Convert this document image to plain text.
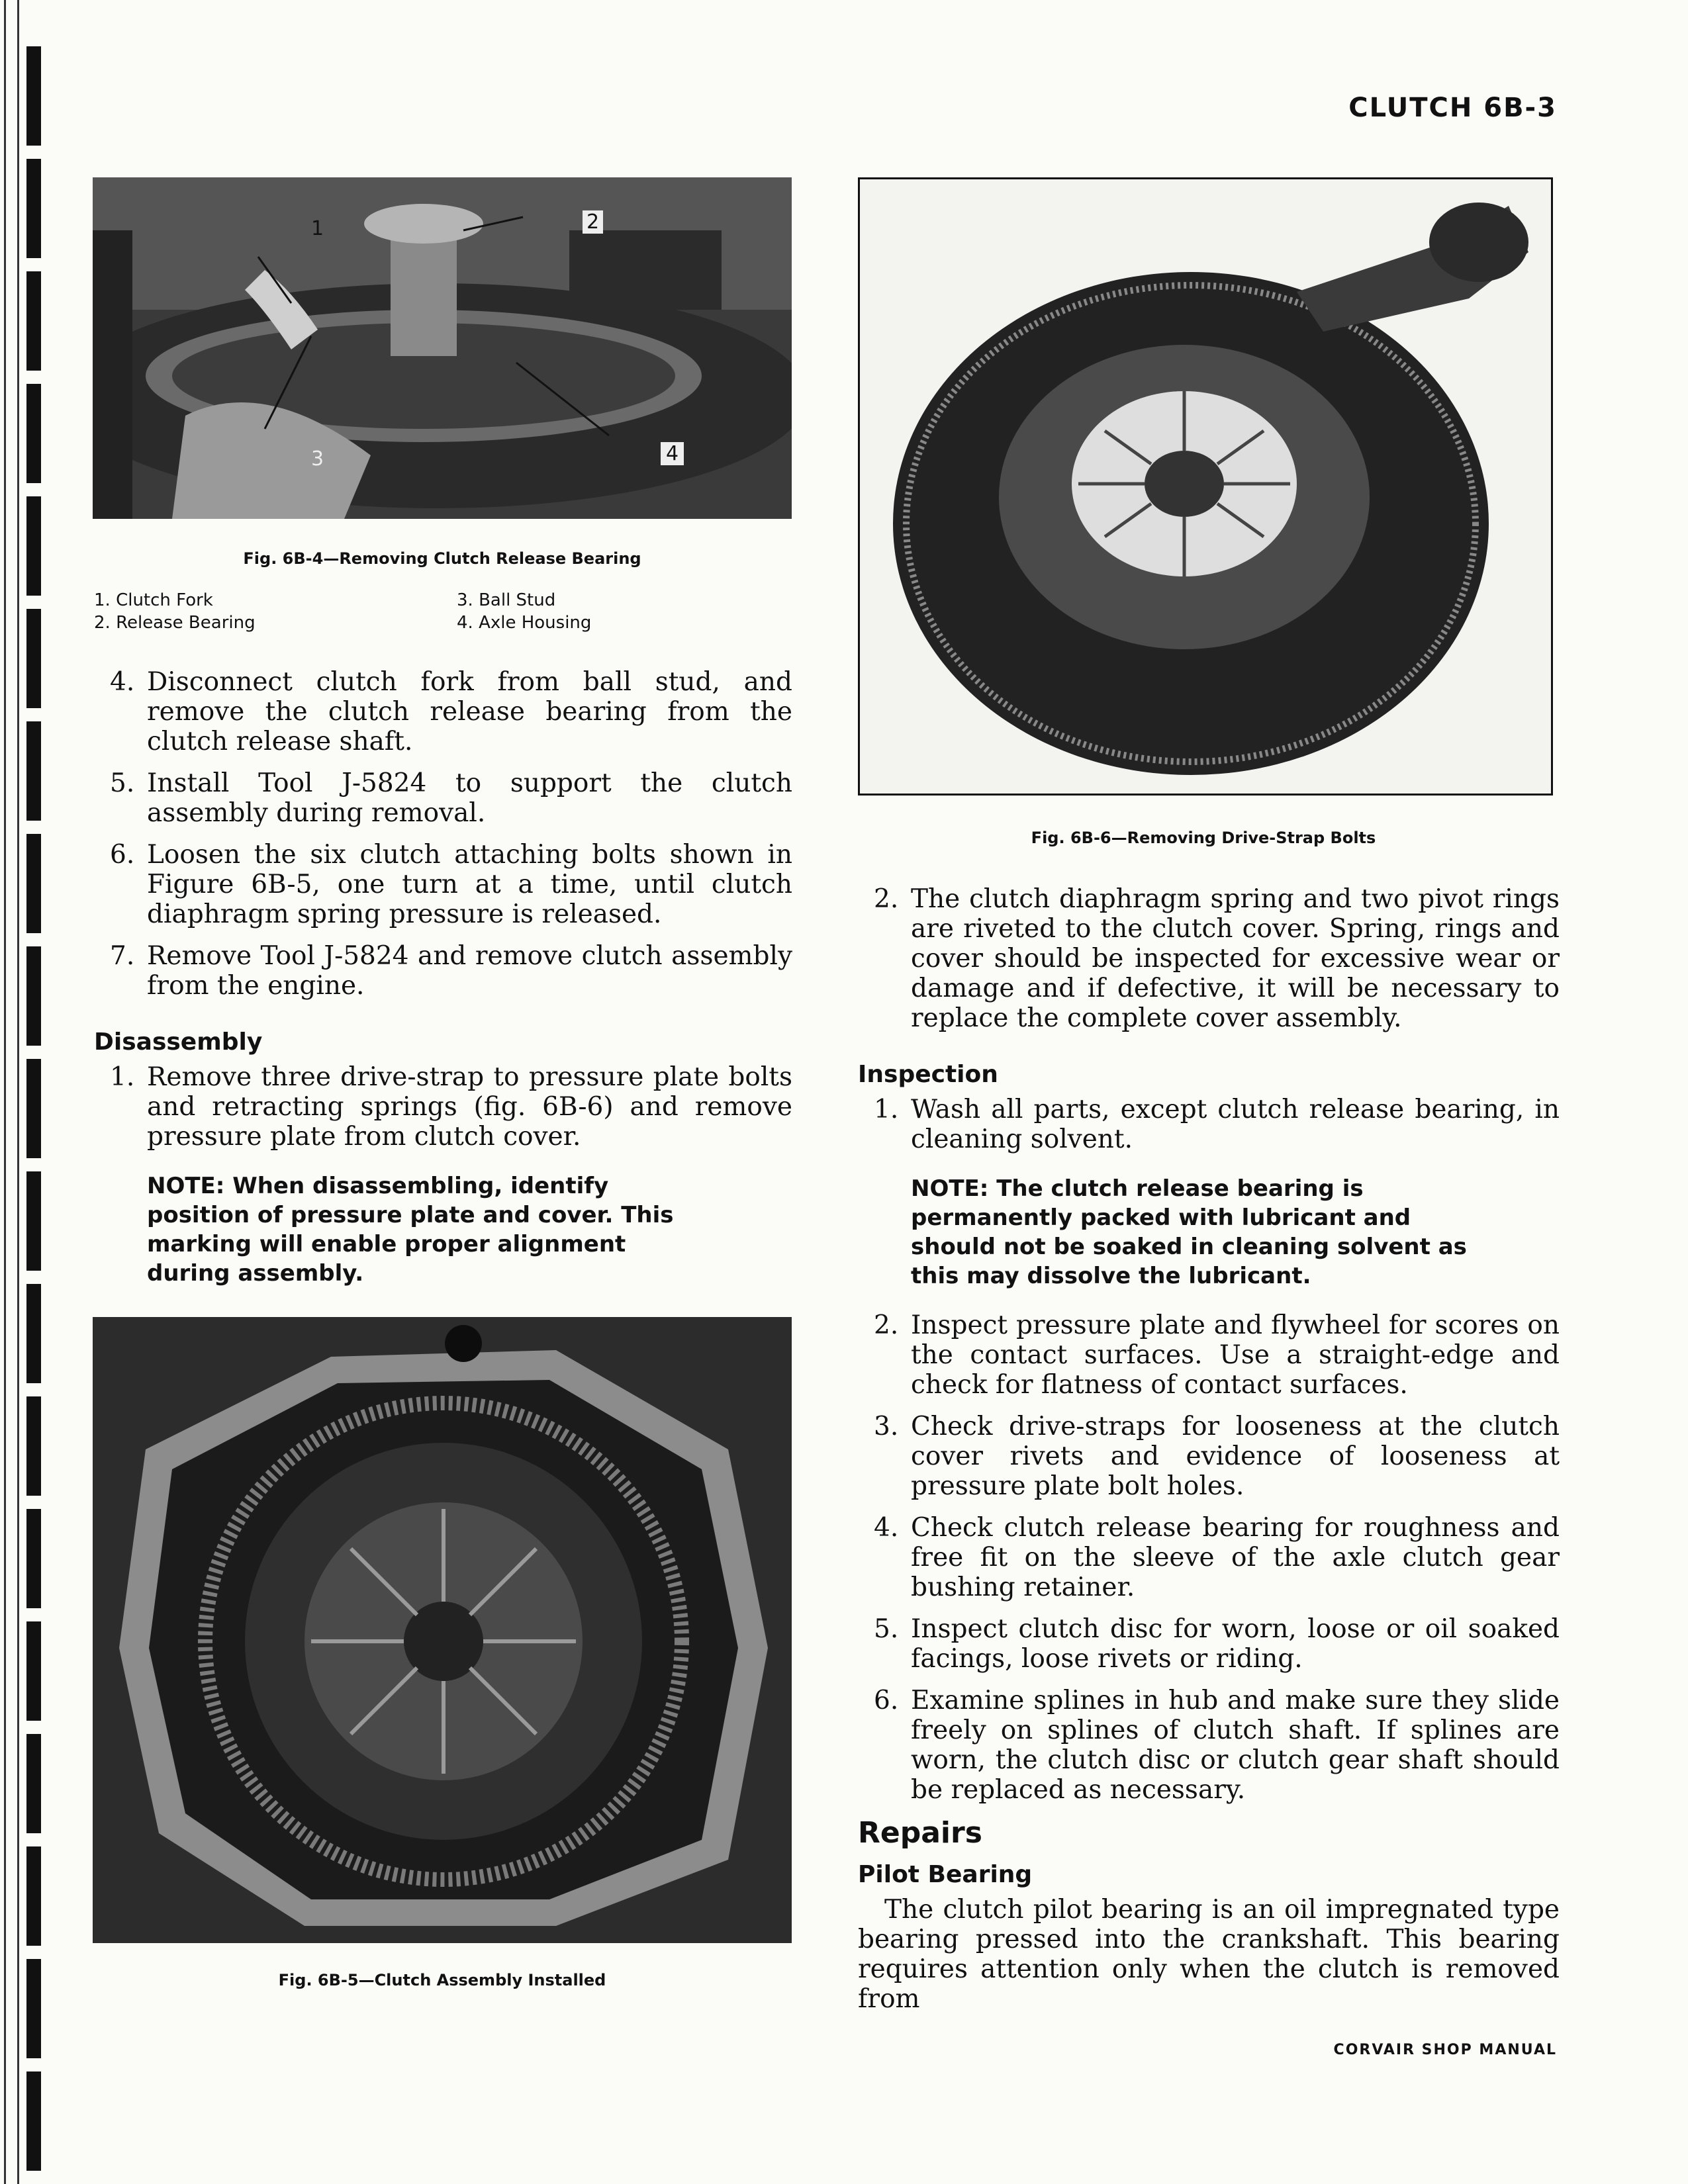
CLUTCH 6B-3
1	2
3	4
Fig. 6B-4—Removing Clutch Release Bearing
1. Clutch Fork
2. Release Bearing
3. Ball Stud
4. Axle Housing
4. Disconnect clutch fork from ball stud, and remove the clutch release bearing from the clutch release shaft.
5. Install Tool J-5824 to support the clutch assembly during removal.
6. Loosen the six clutch attaching bolts shown in Figure 6B-5, one turn at a time, until clutch diaphragm spring pressure is released.
7. Remove Tool J-5824 and remove clutch assembly from the engine.
Disassembly
1. Remove three drive-strap to pressure plate bolts and retracting springs (fig. 6B-6) and remove pressure plate from clutch cover.
NOTE: When disassembling, identify position of pressure plate and cover. This marking will enable proper alignment during assembly.
Fig. 6B-5—Clutch Assembly Installed
Fig. 6B-6—Removing Drive-Strap Bolts
2. The clutch diaphragm spring and two pivot rings are riveted to the clutch cover. Spring, rings and cover should be inspected for excessive wear or damage and if defective, it will be necessary to replace the complete cover assembly.
Inspection
1. Wash all parts, except clutch release bearing, in cleaning solvent.
NOTE: The clutch release bearing is permanently packed with lubricant and should not be soaked in cleaning solvent as this may dissolve the lubricant.
2. Inspect pressure plate and flywheel for scores on the contact surfaces. Use a straight-edge and check for flatness of contact surfaces.
3. Check drive-straps for looseness at the clutch cover rivets and evidence of looseness at pressure plate bolt holes.
4. Check clutch release bearing for roughness and free fit on the sleeve of the axle clutch gear bushing retainer.
5. Inspect clutch disc for worn, loose or oil soaked facings, loose rivets or riding.
6. Examine splines in hub and make sure they slide freely on splines of clutch shaft. If splines are worn, the clutch disc or clutch gear shaft should be replaced as necessary.
Repairs
Pilot Bearing
The clutch pilot bearing is an oil impregnated type bearing pressed into the crankshaft. This bearing requires attention only when the clutch is removed from
CORVAIR SHOP MANUAL
